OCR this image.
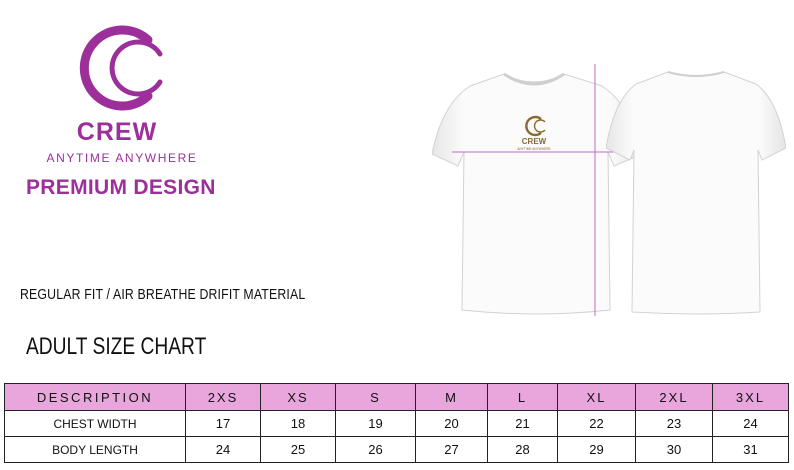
CREW
ANYTIME ANYWHERE
PREMIUM DESIGN
REGULAR FIT / AIR BREATHE DRIFIT MATERIAL
ADULT SIZE CHART
CREW
ANYTIME ANYWHERE
DESCRIPTION	2XS	XS	S	M	L	XL	2XL	3XL
CHEST WIDTH	17	18	19	20	21	22	23	24
BODY LENGTH	24	25	26	27	28	29	30	31
